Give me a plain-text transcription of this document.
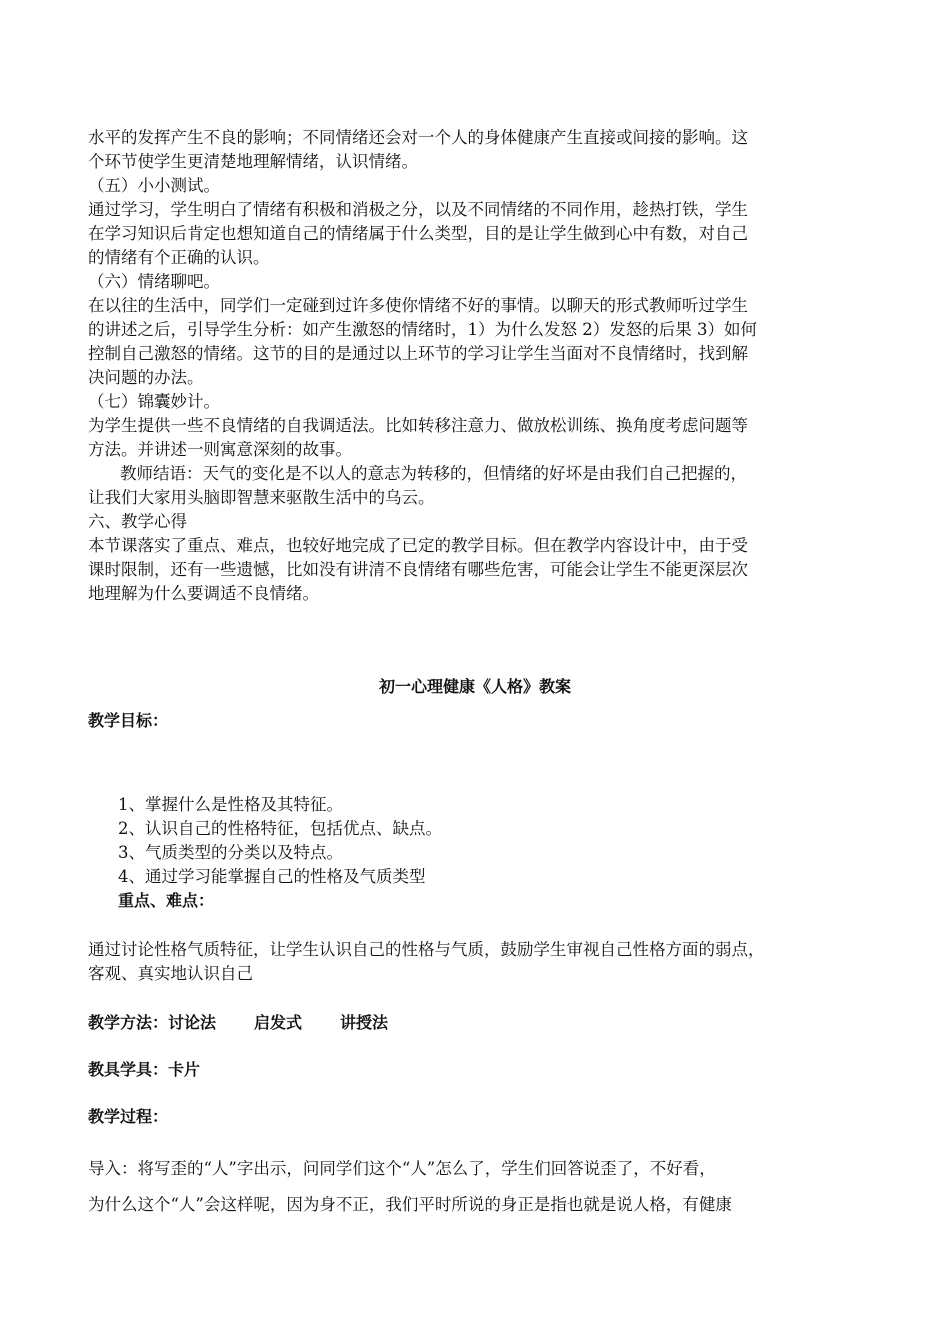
水平的发挥产生不良的影响；不同情绪还会对一个人的身体健康产生直接或间接的影响。这
个环节使学生更清楚地理解情绪，认识情绪。
（五）小小测试。
通过学习，学生明白了情绪有积极和消极之分，以及不同情绪的不同作用，趁热打铁，学生
在学习知识后肯定也想知道自己的情绪属于什么类型，目的是让学生做到心中有数，对自己
的情绪有个正确的认识。
（六）情绪聊吧。
在以往的生活中，同学们一定碰到过许多使你情绪不好的事情。以聊天的形式教师听过学生
的讲述之后，引导学生分析：如产生激怒的情绪时，1）为什么发怒 2）发怒的后果 3）如何
控制自己激怒的情绪。这节的目的是通过以上环节的学习让学生当面对不良情绪时，找到解
决问题的办法。
（七）锦囊妙计。
为学生提供一些不良情绪的自我调适法。比如转移注意力、做放松训练、换角度考虑问题等
方法。并讲述一则寓意深刻的故事。
教师结语：天气的变化是不以人的意志为转移的，但情绪的好坏是由我们自己把握的，
让我们大家用头脑即智慧来驱散生活中的乌云。
六、教学心得
本节课落实了重点、难点，也较好地完成了已定的教学目标。但在教学内容设计中，由于受
课时限制，还有一些遗憾，比如没有讲清不良情绪有哪些危害，可能会让学生不能更深层次
地理解为什么要调适不良情绪。
初一心理健康《人格》教案
教学目标：
1、掌握什么是性格及其特征。
2、认识自己的性格特征，包括优点、缺点。
3、气质类型的分类以及特点。
4、通过学习能掌握自己的性格及气质类型
重点、难点：
通过讨论性格气质特征，让学生认识自己的性格与气质，鼓励学生审视自己性格方面的弱点，
客观、真实地认识自己
教学方法：讨论法 启发式 讲授法
教具学具：卡片
教学过程：
导入：将写歪的“人”字出示，问同学们这个“人”怎么了，学生们回答说歪了，不好看，
为什么这个“人”会这样呢，因为身不正，我们平时所说的身正是指也就是说人格，有健康
